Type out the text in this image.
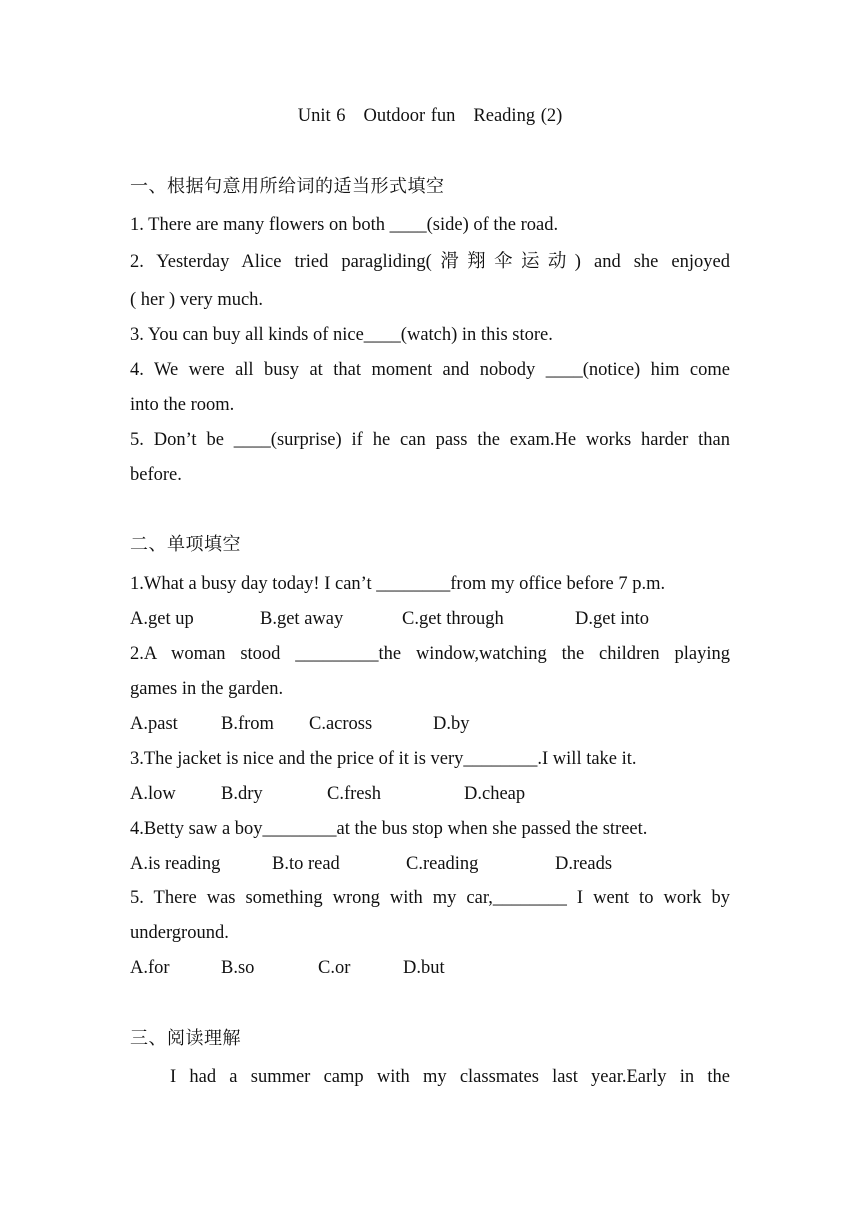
Unit 6 Outdoor fun Reading (2)
一、根据句意用所给词的适当形式填空
1. There are many flowers on both ____(side) of the road.
2. Yesterday Alice tried paragliding(滑翔伞运动) and she enjoyed
( her ) very much.
3. You can buy all kinds of nice____(watch) in this store.
4. We were all busy at that moment and nobody ____(notice) him come
into the room.
5. Don’t be ____(surprise) if he can pass the exam.He works harder than
before.
二、单项填空
1.What a busy day today! I can’t ________from my office before 7 p.m.
A.get up	B.get away	C.get through	D.get into
2.A woman stood _________the window,watching the children playing
games in the garden.
A.past B.from C.across	D.by
3.The jacket is nice and the price of it is very________.I will take it.
A.low B.dry	C.fresh	D.cheap
4.Betty saw a boy________at the bus stop when she passed the street.
A.is reading	B.to read	C.reading	D.reads
5. There was something wrong with my car,________ I went to work by
underground.
A.for	B.so	C.or	D.but
三、阅读理解
I had a summer camp with my classmates last year.Early in the
